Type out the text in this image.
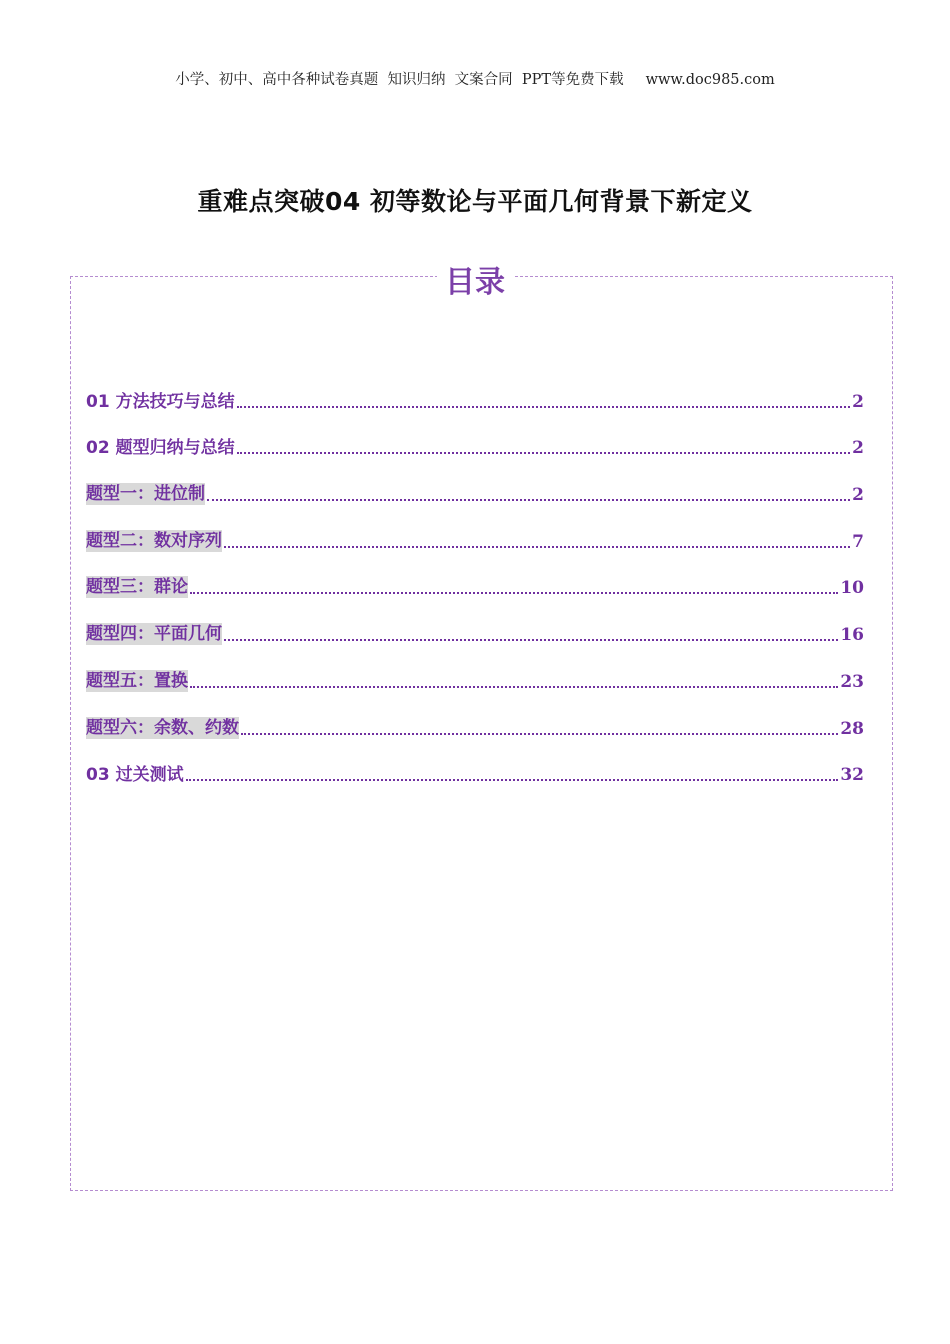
小学、初中、高中各种试卷真题  知识归纳  文案合同  PPT等免费下载 www.doc985.com
重难点突破04 初等数论与平面几何背景下新定义
目录
01 方法技巧与总结	2
02 题型归纳与总结	2
题型一：进位制	2
题型二：数对序列	7
题型三：群论	10
题型四：平面几何	16
题型五：置换	23
题型六：余数、约数	28
03 过关测试	32
